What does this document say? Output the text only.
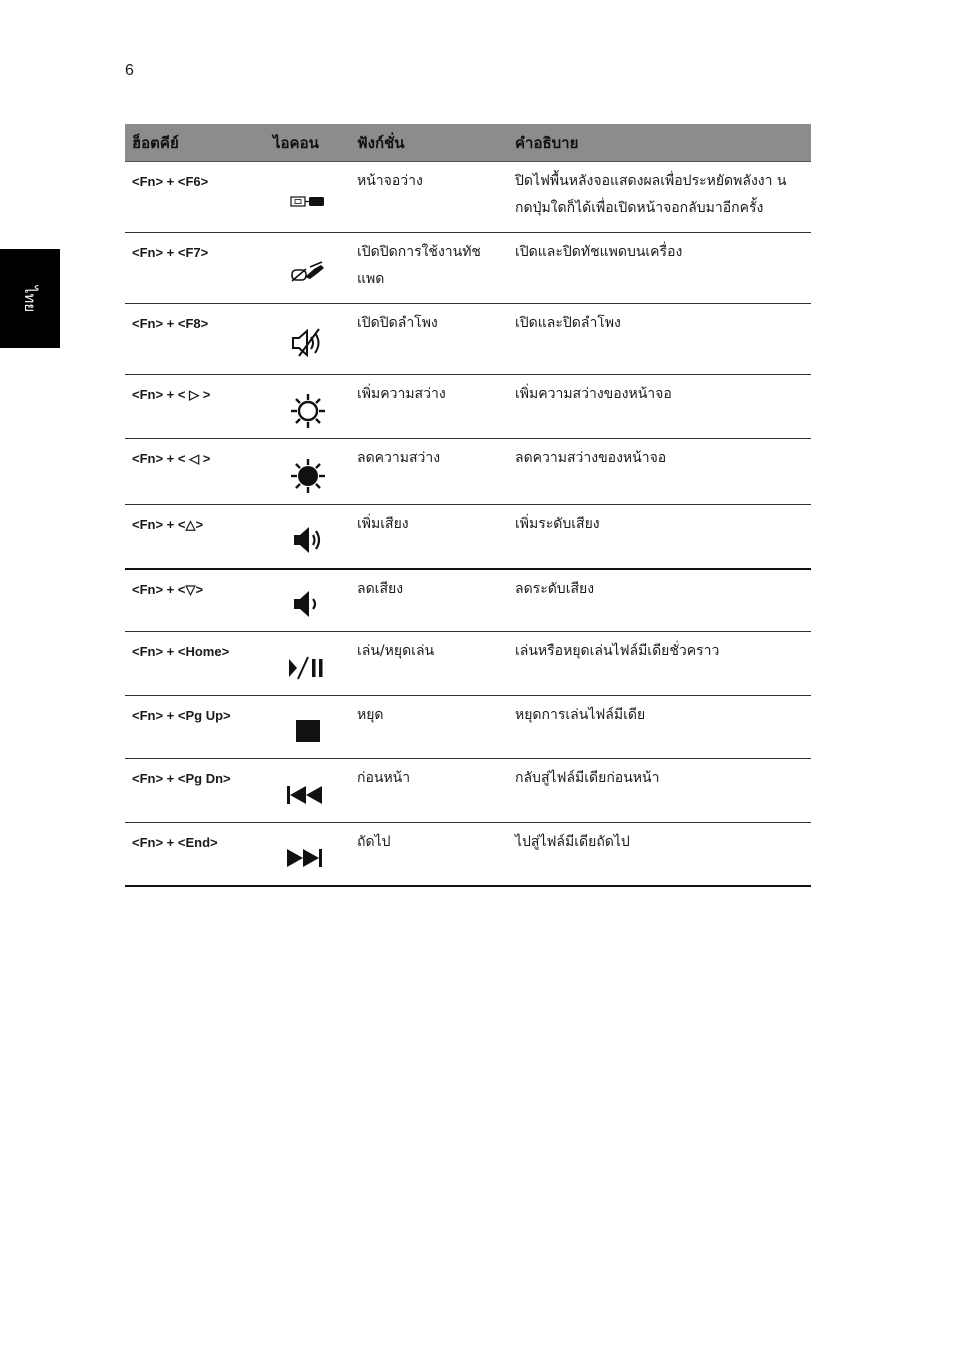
6
ไทย
ฮ็อตคีย์	ไอคอน	ฟังก์ชั่น	คำอธิบาย
<Fn> + <F6>		หน้าจอว่าง	ปิดไฟพื้นหลังจอแสดงผลเพื่อประหยัดพลังงา น กดปุ่มใดก็ได้เพื่อเปิดหน้าจอกลับมาอีกครั้ง
<Fn> + <F7>		เปิดปิดการใช้งานทัชแพด	เปิดและปิดทัชแพดบนเครื่อง
<Fn> + <F8>		เปิดปิดลำโพง	เปิดและปิดลำโพง
<Fn> + < ▷ >		เพิ่มความสว่าง	เพิ่มความสว่างของหน้าจอ
<Fn> + < ◁ >		ลดความสว่าง	ลดความสว่างของหน้าจอ
<Fn> + <△>		เพิ่มเสียง	เพิ่มระดับเสียง
<Fn> + <▽>		ลดเสียง	ลดระดับเสียง
<Fn> + <Home>		เล่น/หยุดเล่น	เล่นหรือหยุดเล่นไฟล์มีเดียชั่วคราว
<Fn> + <Pg Up>		หยุด	หยุดการเล่นไฟล์มีเดีย
<Fn> + <Pg Dn>		ก่อนหน้า	กลับสู่ไฟล์มีเดียก่อนหน้า
<Fn> + <End>		ถัดไป	ไปสู่ไฟล์มีเดียถัดไป
